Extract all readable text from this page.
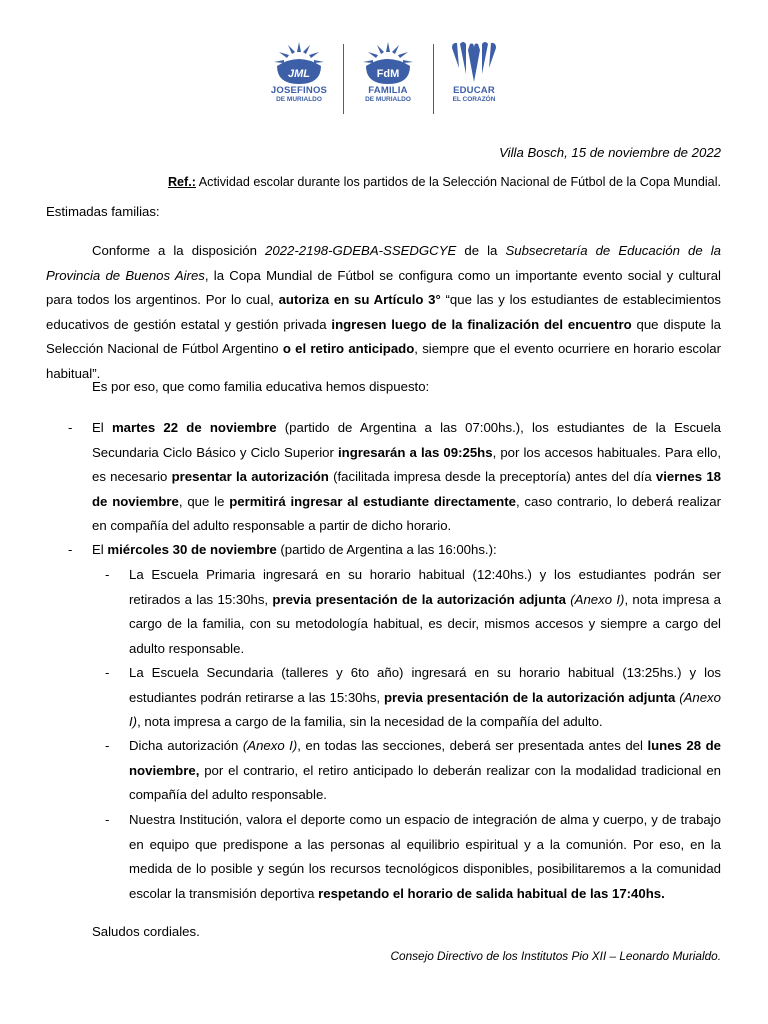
JML
JOSEFINOS
DE MURIALDO
FdM
FAMILIA
DE MURIALDO
EDUCAR
EL CORAZÓN

Villa Bosch, 15 de noviembre de 2022

Ref.: Actividad escolar durante los partidos de la Selección Nacional de Fútbol de la Copa Mundial.

Estimadas familias:

Conforme a la disposición 2022-2198-GDEBA-SSEDGCYE de la Subsecretaría de Educación de la Provincia de Buenos Aires, la Copa Mundial de Fútbol se configura como un importante evento social y cultural para todos los argentinos. Por lo cual, autoriza en su Artículo 3° “que las y los estudiantes de establecimientos educativos de gestión estatal y gestión privada ingresen luego de la finalización del encuentro que dispute la Selección Nacional de Fútbol Argentino o el retiro anticipado, siempre que el evento ocurriere en horario escolar habitual”.

Es por eso, que como familia educativa hemos dispuesto:

- El martes 22 de noviembre (partido de Argentina a las 07:00hs.), los estudiantes de la Escuela Secundaria Ciclo Básico y Ciclo Superior ingresarán a las 09:25hs, por los accesos habituales. Para ello, es necesario presentar la autorización (facilitada impresa desde la preceptoría) antes del día viernes 18 de noviembre, que le permitirá ingresar al estudiante directamente, caso contrario, lo deberá realizar en compañía del adulto responsable a partir de dicho horario.

- El miércoles 30 de noviembre (partido de Argentina a las 16:00hs.):

- La Escuela Primaria ingresará en su horario habitual (12:40hs.) y los estudiantes podrán ser retirados a las 15:30hs, previa presentación de la autorización adjunta (Anexo I), nota impresa a cargo de la familia, con su metodología habitual, es decir, mismos accesos y siempre a cargo del adulto responsable.

- La Escuela Secundaria (talleres y 6to año) ingresará en su horario habitual (13:25hs.) y los estudiantes podrán retirarse a las 15:30hs, previa presentación de la autorización adjunta (Anexo I), nota impresa a cargo de la familia, sin la necesidad de la compañía del adulto.

- Dicha autorización (Anexo I), en todas las secciones, deberá ser presentada antes del lunes 28 de noviembre, por el contrario, el retiro anticipado lo deberán realizar con la modalidad tradicional en compañía del adulto responsable.

- Nuestra Institución, valora el deporte como un espacio de integración de alma y cuerpo, y de trabajo en equipo que predispone a las personas al equilibrio espiritual y a la comunión. Por eso, en la medida de lo posible y según los recursos tecnológicos disponibles, posibilitaremos a la comunidad escolar la transmisión deportiva respetando el horario de salida habitual de las 17:40hs.

Saludos cordiales.

Consejo Directivo de los Institutos Pio XII – Leonardo Murialdo.
